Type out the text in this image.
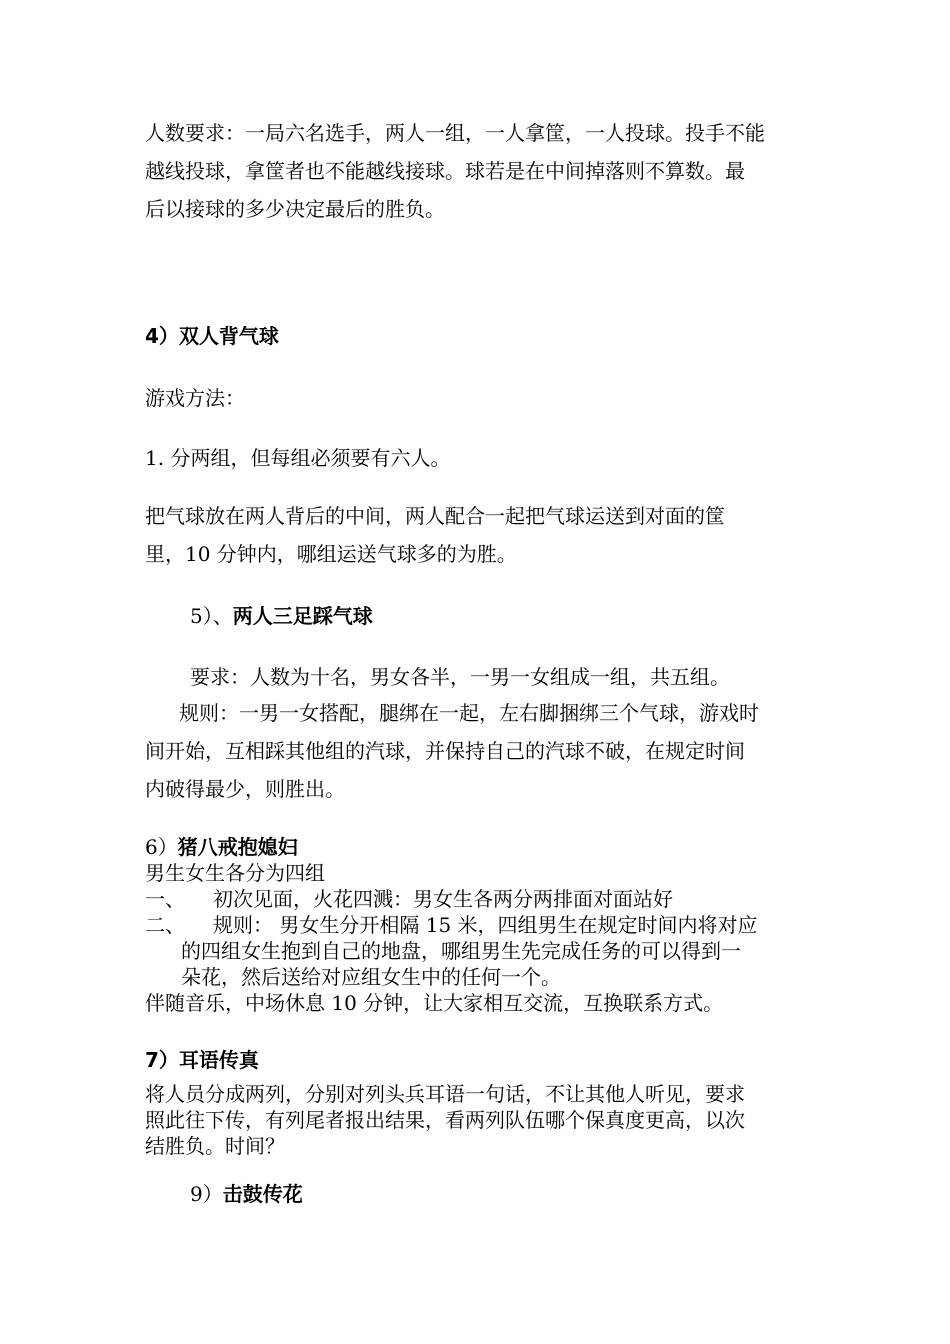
人数要求：一局六名选手，两人一组，一人拿筐，一人投球。投手不能
越线投球，拿筐者也不能越线接球。球若是在中间掉落则不算数。最
后以接球的多少决定最后的胜负。
4）双人背气球
游戏方法：
1. 分两组，但每组必须要有六人。
把气球放在两人背后的中间，两人配合一起把气球运送到对面的筐
里，10 分钟内，哪组运送气球多的为胜。
5）、两人三足踩气球
要求：人数为十名，男女各半，一男一女组成一组，共五组。
规则：一男一女搭配，腿绑在一起，左右脚捆绑三个气球，游戏时
间开始，互相踩其他组的汽球，并保持自己的汽球不破，在规定时间
内破得最少，则胜出。
6）猪八戒抱媳妇
男生女生各分为四组
一、 初次见面，火花四溅：男女生各两分两排面对面站好
二、 规则： 男女生分开相隔 15 米，四组男生在规定时间内将对应
的四组女生抱到自己的地盘，哪组男生先完成任务的可以得到一
朵花，然后送给对应组女生中的任何一个。
伴随音乐，中场休息 10 分钟，让大家相互交流，互换联系方式。
7）耳语传真
将人员分成两列，分别对列头兵耳语一句话，不让其他人听见，要求
照此往下传，有列尾者报出结果，看两列队伍哪个保真度更高，以次
结胜负。时间？
9）击鼓传花
